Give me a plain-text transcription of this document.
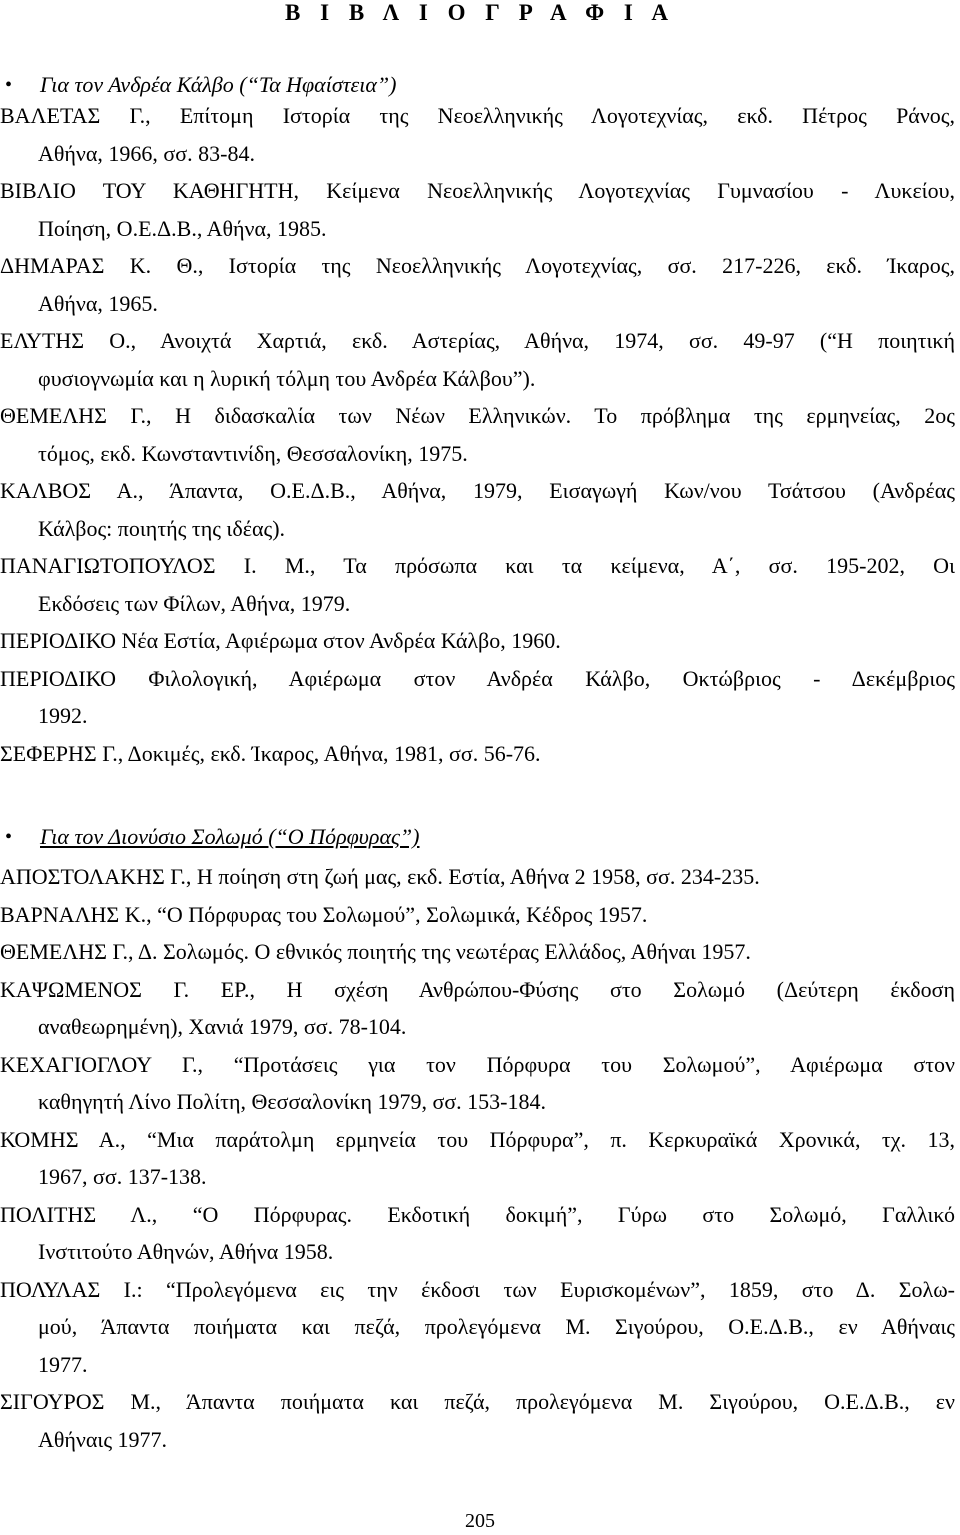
Β Ι Β Λ Ι Ο Γ Ρ Α Φ Ι Α
• Για τον Ανδρέα Κάλβο (“Τα Ηφαίστεια”)
ΒΑΛΕΤΑΣ Γ., Επίτομη Ιστορία της Νεοελληνικής Λογοτεχνίας, εκδ. Πέτρος Ράνος,
Αθήνα, 1966, σσ. 83-84.
ΒΙΒΛΙΟ ΤΟΥ ΚΑΘΗΓΗΤΗ, Κείμενα Νεοελληνικής Λογοτεχνίας Γυμνασίου - Λυκείου,
Ποίηση, Ο.Ε.Δ.Β., Αθήνα, 1985.
ΔΗΜΑΡΑΣ Κ. Θ., Ιστορία της Νεοελληνικής Λογοτεχνίας, σσ. 217-226, εκδ. Ίκαρος,
Αθήνα, 1965.
ΕΛΥΤΗΣ Ο., Ανοιχτά Χαρτιά, εκδ. Αστερίας, Αθήνα, 1974, σσ. 49-97 (“Η ποιητική
φυσιογνωμία και η λυρική τόλμη του Ανδρέα Κάλβου”).
ΘΕΜΕΛΗΣ Γ., Η διδασκαλία των Νέων Ελληνικών. Το πρόβλημα της ερμηνείας, 2ος
τόμος, εκδ. Κωνσταντινίδη, Θεσσαλονίκη, 1975.
ΚΑΛΒΟΣ Α., Άπαντα, Ο.Ε.Δ.Β., Αθήνα, 1979, Εισαγωγή Κων/νου Τσάτσου (Ανδρέας
Κάλβος: ποιητής της ιδέας).
ΠΑΝΑΓΙΩΤΟΠΟΥΛΟΣ Ι. Μ., Τα πρόσωπα και τα κείμενα, Α΄, σσ. 195-202, Οι
Εκδόσεις των Φίλων, Αθήνα, 1979.
ΠΕΡΙΟΔΙΚΟ Νέα Εστία, Αφιέρωμα στον Ανδρέα Κάλβο, 1960.
ΠΕΡΙΟΔΙΚΟ Φιλολογική, Αφιέρωμα στον Ανδρέα Κάλβο, Οκτώβριος - Δεκέμβριος
1992.
ΣΕΦΕΡΗΣ Γ., Δοκιμές, εκδ. Ίκαρος, Αθήνα, 1981, σσ. 56-76.
• Για τον Διονύσιο Σολωμό (“Ο Πόρφυρας”)
ΑΠΟΣΤΟΛΑΚΗΣ Γ., Η ποίηση στη ζωή μας, εκδ. Εστία, Αθήνα 2 1958, σσ. 234-235.
ΒΑΡΝΑΛΗΣ Κ., “Ο Πόρφυρας του Σολωμού”, Σολωμικά, Κέδρος 1957.
ΘΕΜΕΛΗΣ Γ., Δ. Σολωμός. Ο εθνικός ποιητής της νεωτέρας Ελλάδος, Αθήναι 1957.
ΚΑΨΩΜΕΝΟΣ Γ. ΕΡ., Η σχέση Ανθρώπου-Φύσης στο Σολωμό (Δεύτερη έκδοση
αναθεωρημένη), Χανιά 1979, σσ. 78-104.
ΚΕΧΑΓΙΟΓΛΟΥ Γ., “Προτάσεις για τον Πόρφυρα του Σολωμού”, Αφιέρωμα στον
καθηγητή Λίνο Πολίτη, Θεσσαλονίκη 1979, σσ. 153-184.
ΚΟΜΗΣ Α., “Μια παράτολμη ερμηνεία του Πόρφυρα”, π. Κερκυραϊκά Χρονικά, τχ. 13,
1967, σσ. 137-138.
ΠΟΛΙΤΗΣ Λ., “Ο Πόρφυρας. Εκδοτική δοκιμή”, Γύρω στο Σολωμό, Γαλλικό
Ινστιτούτο Αθηνών, Αθήνα 1958.
ΠΟΛΥΛΑΣ Ι.: “Προλεγόμενα εις την έκδοσι των Ευρισκομένων”, 1859, στο Δ. Σολω-
μού, Άπαντα ποιήματα και πεζά, προλεγόμενα Μ. Σιγούρου, Ο.Ε.Δ.Β., εν Αθήναις
1977.
ΣΙΓΟΥΡΟΣ Μ., Άπαντα ποιήματα και πεζά, προλεγόμενα Μ. Σιγούρου, Ο.Ε.Δ.Β., εν
Αθήναις 1977.
205
